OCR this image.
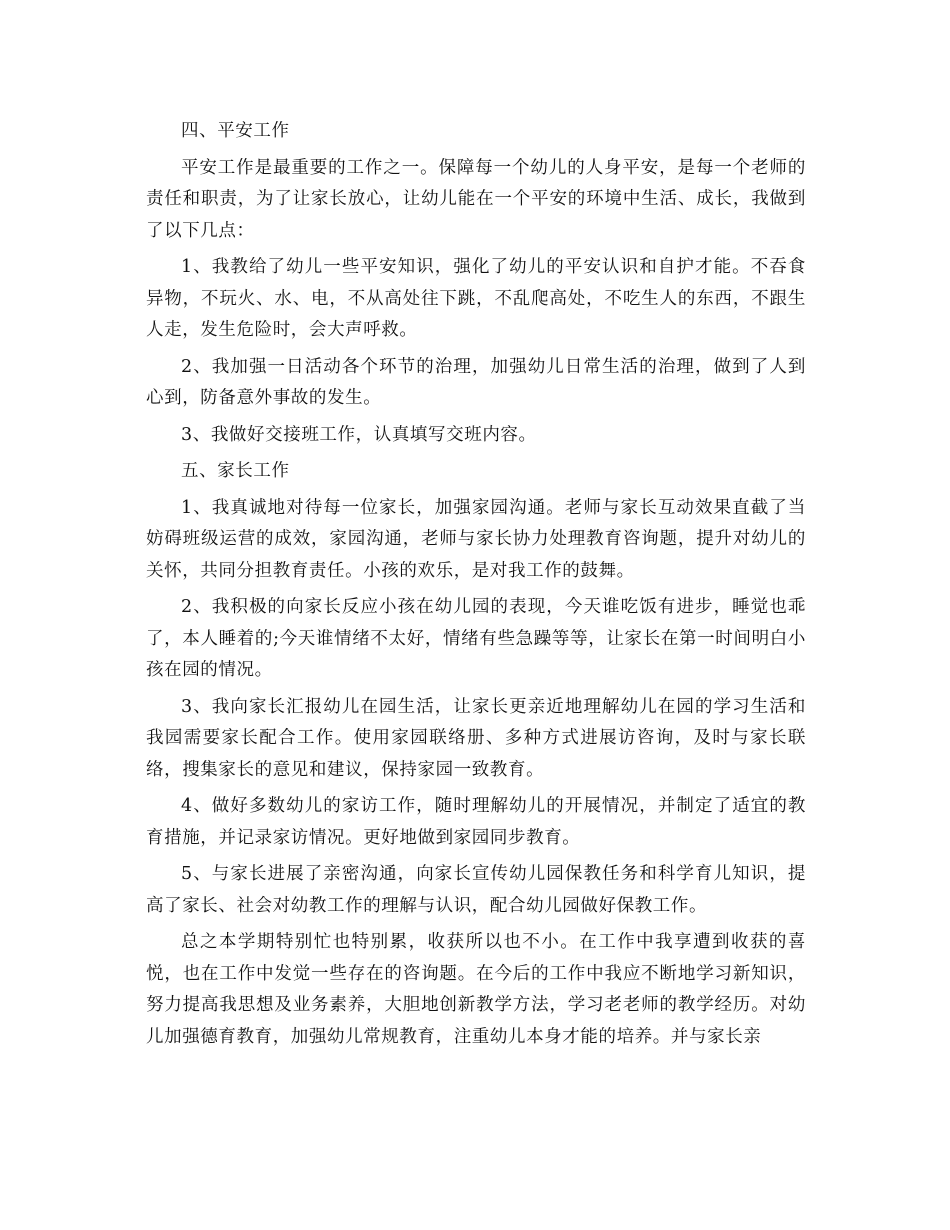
四、平安工作

平安工作是最重要的工作之一。保障每一个幼儿的人身平安，是每一个老师的责任和职责，为了让家长放心，让幼儿能在一个平安的环境中生活、成长，我做到了以下几点：

1、我教给了幼儿一些平安知识，强化了幼儿的平安认识和自护才能。不吞食异物，不玩火、水、电，不从高处往下跳，不乱爬高处，不吃生人的东西，不跟生人走，发生危险时，会大声呼救。

2、我加强一日活动各个环节的治理，加强幼儿日常生活的治理，做到了人到心到，防备意外事故的发生。

3、我做好交接班工作，认真填写交班内容。

五、家长工作

1、我真诚地对待每一位家长，加强家园沟通。老师与家长互动效果直截了当妨碍班级运营的成效，家园沟通，老师与家长协力处理教育咨询题，提升对幼儿的关怀，共同分担教育责任。小孩的欢乐，是对我工作的鼓舞。

2、我积极的向家长反应小孩在幼儿园的表现，今天谁吃饭有进步，睡觉也乖了，本人睡着的;今天谁情绪不太好，情绪有些急躁等等，让家长在第一时间明白小孩在园的情况。

3、我向家长汇报幼儿在园生活，让家长更亲近地理解幼儿在园的学习生活和我园需要家长配合工作。使用家园联络册、多种方式进展访咨询，及时与家长联络，搜集家长的意见和建议，保持家园一致教育。

4、做好多数幼儿的家访工作，随时理解幼儿的开展情况，并制定了适宜的教育措施，并记录家访情况。更好地做到家园同步教育。

5、与家长进展了亲密沟通，向家长宣传幼儿园保教任务和科学育儿知识，提高了家长、社会对幼教工作的理解与认识，配合幼儿园做好保教工作。

总之本学期特别忙也特别累，收获所以也不小。在工作中我享遭到收获的喜悦，也在工作中发觉一些存在的咨询题。在今后的工作中我应不断地学习新知识，努力提高我思想及业务素养，大胆地创新教学方法，学习老老师的教学经历。对幼儿加强德育教育，加强幼儿常规教育，注重幼儿本身才能的培养。并与家长亲
